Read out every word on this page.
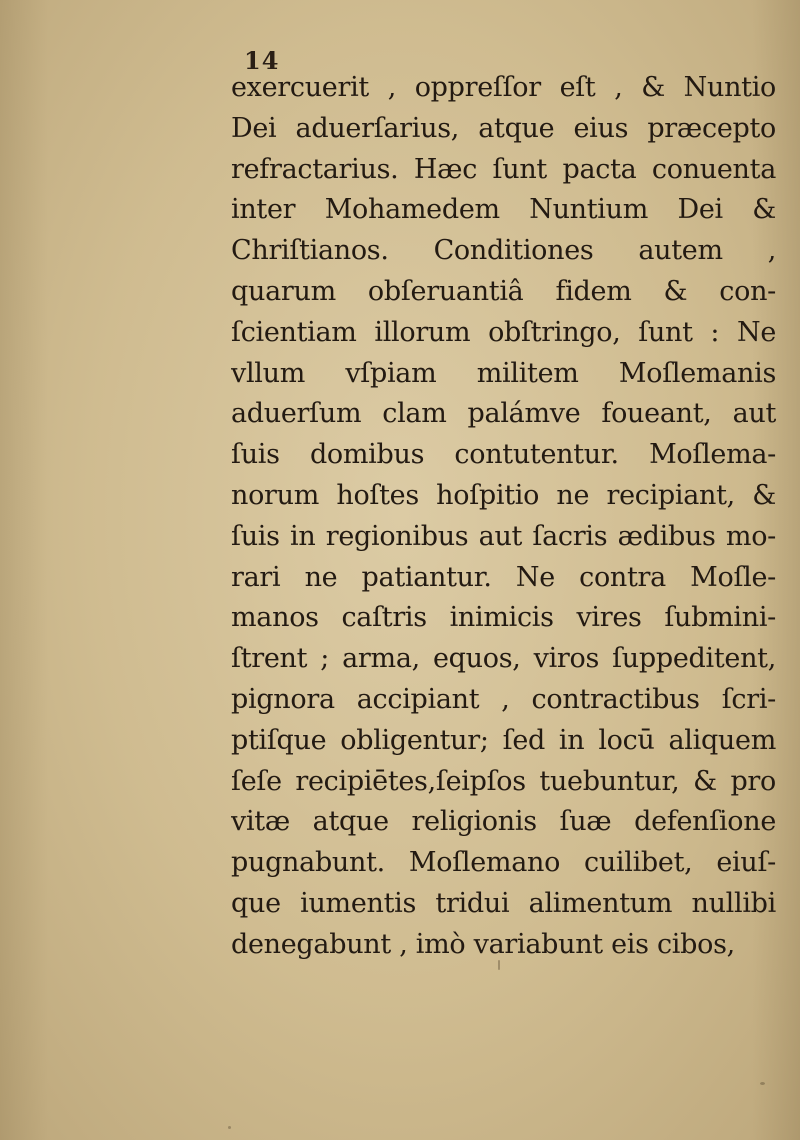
14
exercuerit , oppreſſor eſt , & Nuntio
Dei aduerſarius, atque eius præcepto
refractarius. Hæc ſunt pacta conuenta
inter Mohamedem Nuntium Dei &
Chriſtianos. Conditiones autem ,
quarum obſeruantiâ fidem & con-
ſcientiam illorum obſtringo, ſunt : Ne
vllum vſpiam militem Moſlemanis
aduerſum clam palámve foueant, aut
ſuis domibus contutentur. Moſlema-
norum hoſtes hoſpitio ne recipiant, &
ſuis in regionibus aut ſacris ædibus mo-
rari ne patiantur. Ne contra Moſle-
manos caſtris inimicis vires ſubmini-
ſtrent ; arma, equos, viros ſuppeditent,
pignora accipiant , contractibus ſcri-
ptiſque obligentur; ſed in locū aliquem
ſeſe recipiētes,ſeipſos tuebuntur, & pro
vitæ atque religionis ſuæ defenſione
pugnabunt. Moſlemano cuilibet, eiuſ-
que iumentis tridui alimentum nullibi
denegabunt , imò variabunt eis cibos,
